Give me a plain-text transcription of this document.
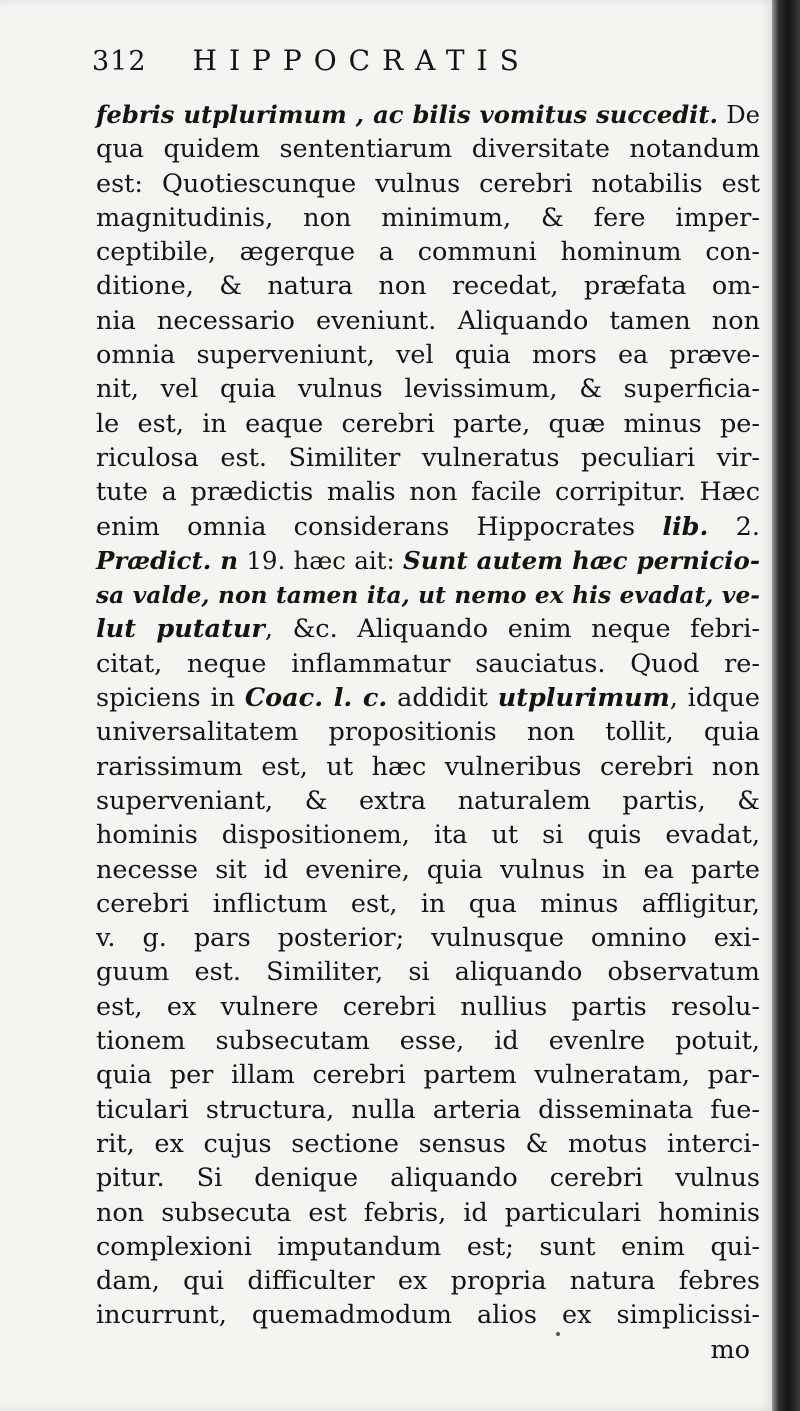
312 HIPPOCRATIS
febris utplurimum , ac bilis vomitus succedit. De
qua quidem sententiarum diversitate notandum
est: Quotiescunque vulnus cerebri notabilis est
magnitudinis, non minimum, & fere imper-
ceptibile, ægerque a communi hominum con-
ditione, & natura non recedat, præfata om-
nia necessario eveniunt. Aliquando tamen non
omnia superveniunt, vel quia mors ea præve-
nit, vel quia vulnus levissimum, & superficia-
le est, in eaque cerebri parte, quæ minus pe-
riculosa est. Similiter vulneratus peculiari vir-
tute a prædictis malis non facile corripitur. Hæc
enim omnia considerans Hippocrates lib. 2.
Prædict. n 19. hæc ait: Sunt autem hæc pernicio-
sa valde, non tamen ita, ut nemo ex his evadat, ve-
lut putatur, &c. Aliquando enim neque febri-
citat, neque inflammatur sauciatus. Quod re-
spiciens in Coac. l. c. addidit utplurimum, idque
universalitatem propositionis non tollit, quia
rarissimum est, ut hæc vulneribus cerebri non
superveniant, & extra naturalem partis, &
hominis dispositionem, ita ut si quis evadat,
necesse sit id evenire, quia vulnus in ea parte
cerebri inflictum est, in qua minus affligitur,
v. g. pars posterior; vulnusque omnino exi-
guum est. Similiter, si aliquando observatum
est, ex vulnere cerebri nullius partis resolu-
tionem subsecutam esse, id evenlre potuit,
quia per illam cerebri partem vulneratam, par-
ticulari structura, nulla arteria disseminata fue-
rit, ex cujus sectione sensus & motus interci-
pitur. Si denique aliquando cerebri vulnus
non subsecuta est febris, id particulari hominis
complexioni imputandum est; sunt enim qui-
dam, qui difficulter ex propria natura febres
incurrunt, quemadmodum alios ex simplicissi-
mo
